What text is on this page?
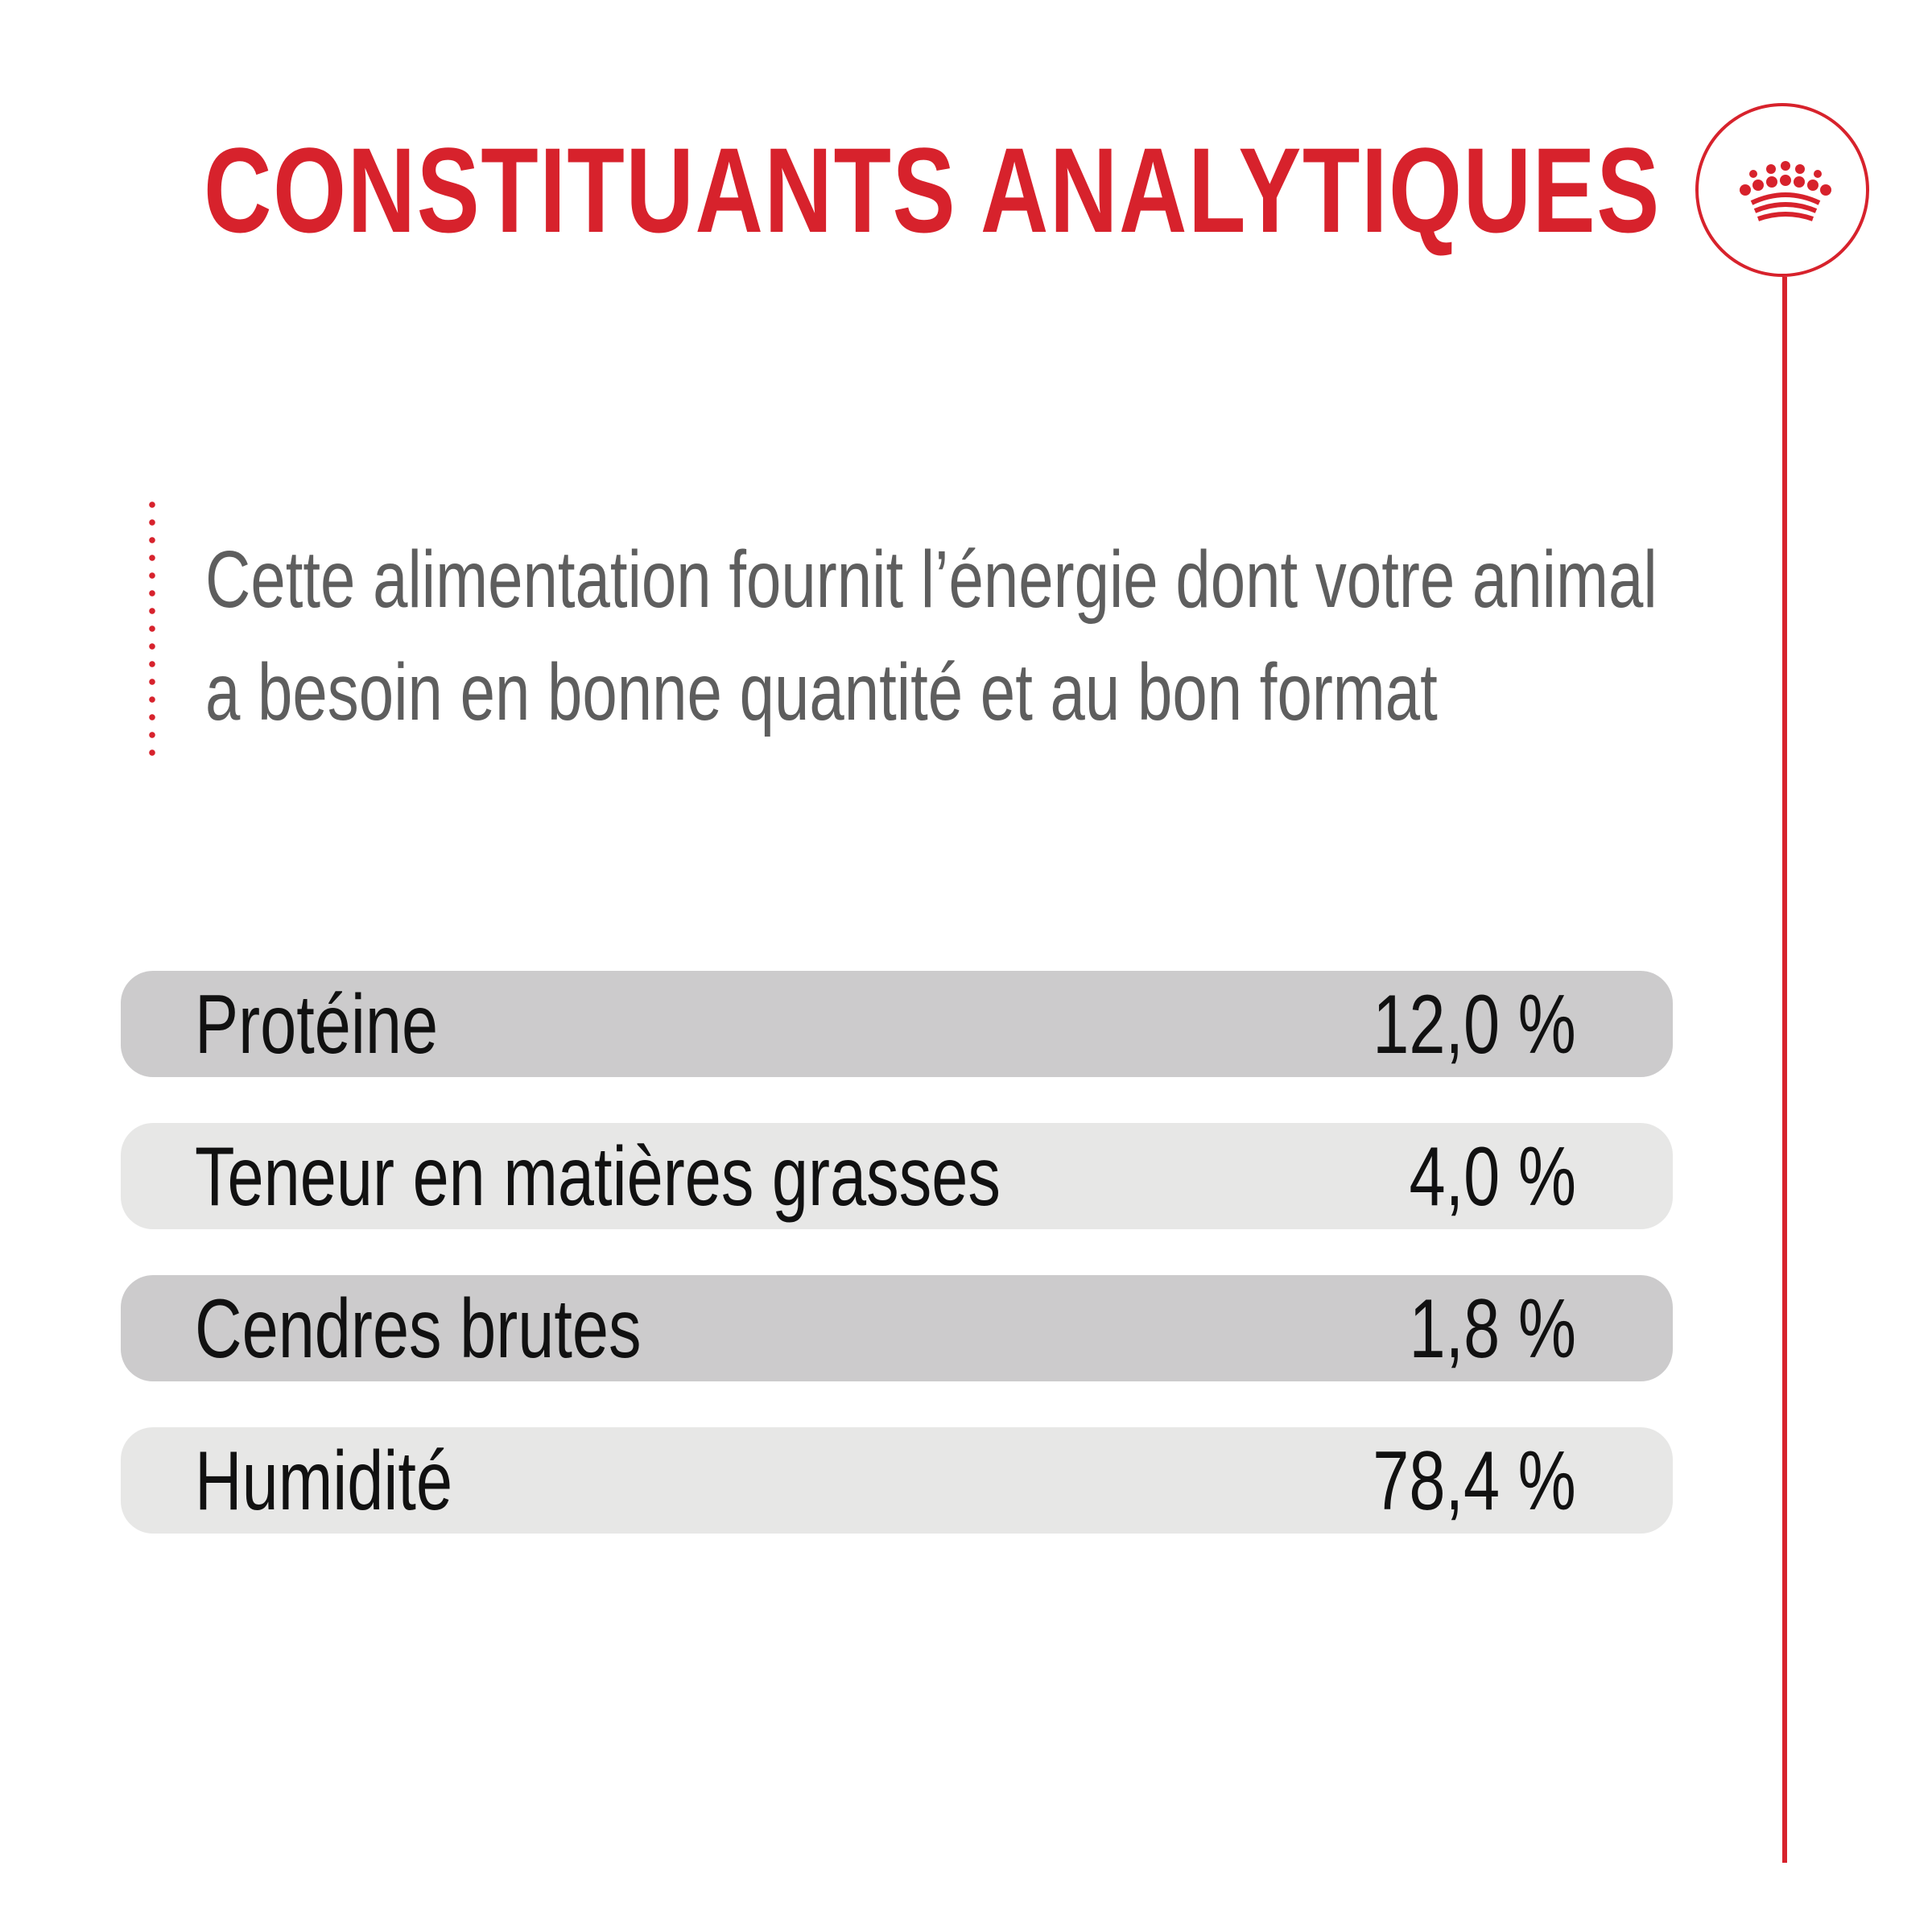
CONSTITUANTS ANALYTIQUES
Cette alimentation fournit l’énergie dont votre animal
a besoin en bonne quantité et au bon format
Protéine	12,0 %
Teneur en matières grasses	4,0 %
Cendres brutes	1,8 %
Humidité	78,4 %
